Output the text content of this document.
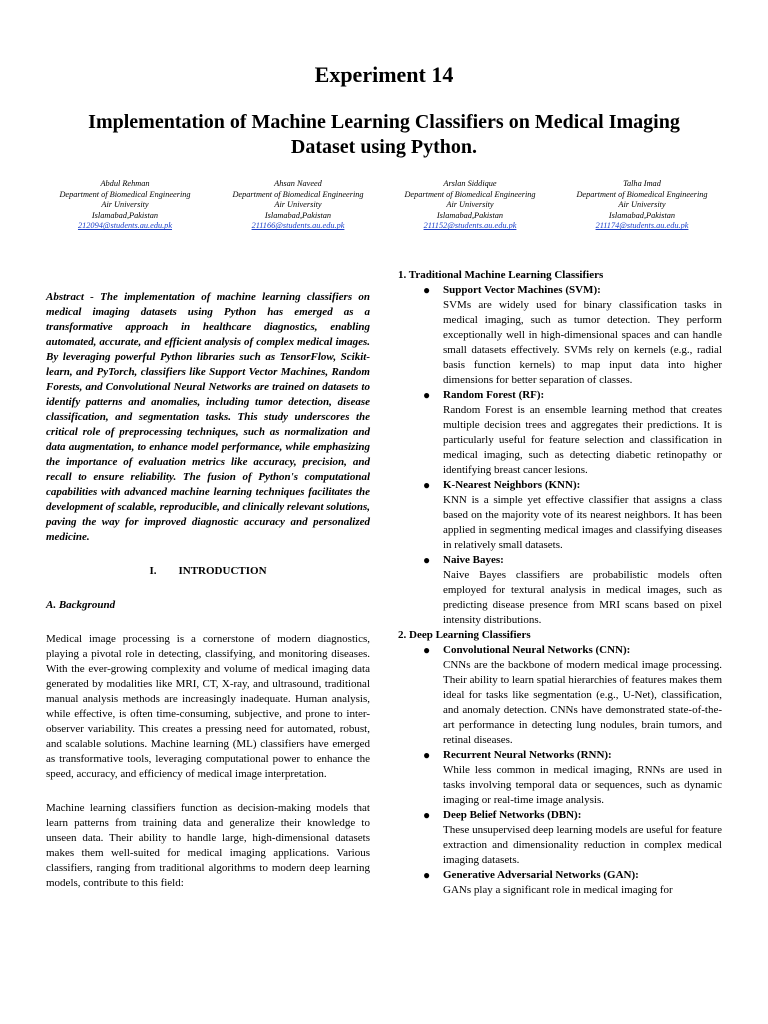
Experiment 14
Implementation of Machine Learning Classifiers on Medical Imaging Dataset using Python.
Abdul Rehman
Department of Biomedical Engineering
Air University
Islamabad,Pakistan
212094@students.au.edu.pk
Ahsan Naveed
Department of Biomedical Engineering
Air University
Islamabad,Pakistan
211166@students.au.edu.pk
Arslan Siddique
Department of Biomedical Engineering
Air University
Islamabad,Pakistan
211152@students.au.edu.pk
Talha Imad
Department of Biomedical Engineering
Air University
Islamabad,Pakistan
211174@students.au.edu.pk

Abstract - The implementation of machine learning classifiers on medical imaging datasets using Python has emerged as a transformative approach in healthcare diagnostics, enabling automated, accurate, and efficient analysis of complex medical images. By leveraging powerful Python libraries such as TensorFlow, Scikit-learn, and PyTorch, classifiers like Support Vector Machines, Random Forests, and Convolutional Neural Networks are trained on datasets to identify patterns and anomalies, including tumor detection, disease classification, and segmentation tasks. This study underscores the critical role of preprocessing techniques, such as normalization and data augmentation, to enhance model performance, while emphasizing the importance of evaluation metrics like accuracy, precision, and recall to ensure reliability. The fusion of Python's computational capabilities with advanced machine learning techniques facilitates the development of scalable, reproducible, and clinically relevant solutions, paving the way for improved diagnostic accuracy and personalized medicine.

I. INTRODUCTION
A. Background

Medical image processing is a cornerstone of modern diagnostics, playing a pivotal role in detecting, classifying, and monitoring diseases. With the ever-growing complexity and volume of medical imaging data generated by modalities like MRI, CT, X-ray, and ultrasound, traditional manual analysis methods are increasingly inadequate. Human analysis, while effective, is often time-consuming, subjective, and prone to inter-observer variability. This creates a pressing need for automated, robust, and scalable solutions. Machine learning (ML) classifiers have emerged as transformative tools, leveraging computational power to enhance the speed, accuracy, and efficiency of medical image interpretation.

Machine learning classifiers function as decision-making models that learn patterns from training data and generalize their knowledge to unseen data. Their ability to handle large, high-dimensional datasets makes them well-suited for medical imaging applications. Various classifiers, ranging from traditional algorithms to modern deep learning models, contribute to this field:

1. Traditional Machine Learning Classifiers

● Support Vector Machines (SVM):
SVMs are widely used for binary classification tasks in medical imaging, such as tumor detection. They perform exceptionally well in high-dimensional spaces and can handle small datasets effectively. SVMs rely on kernels (e.g., radial basis function kernels) to map input data into higher dimensions for better separation of classes.
● Random Forest (RF):
Random Forest is an ensemble learning method that creates multiple decision trees and aggregates their predictions. It is particularly useful for feature selection and classification in medical imaging, such as detecting diabetic retinopathy or identifying breast cancer lesions.
● K-Nearest Neighbors (KNN):
KNN is a simple yet effective classifier that assigns a class based on the majority vote of its nearest neighbors. It has been applied in segmenting medical images and classifying diseases in relatively small datasets.
● Naive Bayes:
Naive Bayes classifiers are probabilistic models often employed for textural analysis in medical images, such as predicting disease presence from MRI scans based on pixel intensity distributions.

2. Deep Learning Classifiers

● Convolutional Neural Networks (CNN):
CNNs are the backbone of modern medical image processing. Their ability to learn spatial hierarchies of features makes them ideal for tasks like segmentation (e.g., U-Net), classification, and anomaly detection. CNNs have demonstrated state-of-the-art performance in detecting lung nodules, brain tumors, and retinal diseases.
● Recurrent Neural Networks (RNN):
While less common in medical imaging, RNNs are used in tasks involving temporal data or sequences, such as dynamic imaging or real-time image analysis.
● Deep Belief Networks (DBN):
These unsupervised deep learning models are useful for feature extraction and dimensionality reduction in complex medical imaging datasets.
● Generative Adversarial Networks (GAN):
GANs play a significant role in medical imaging for
